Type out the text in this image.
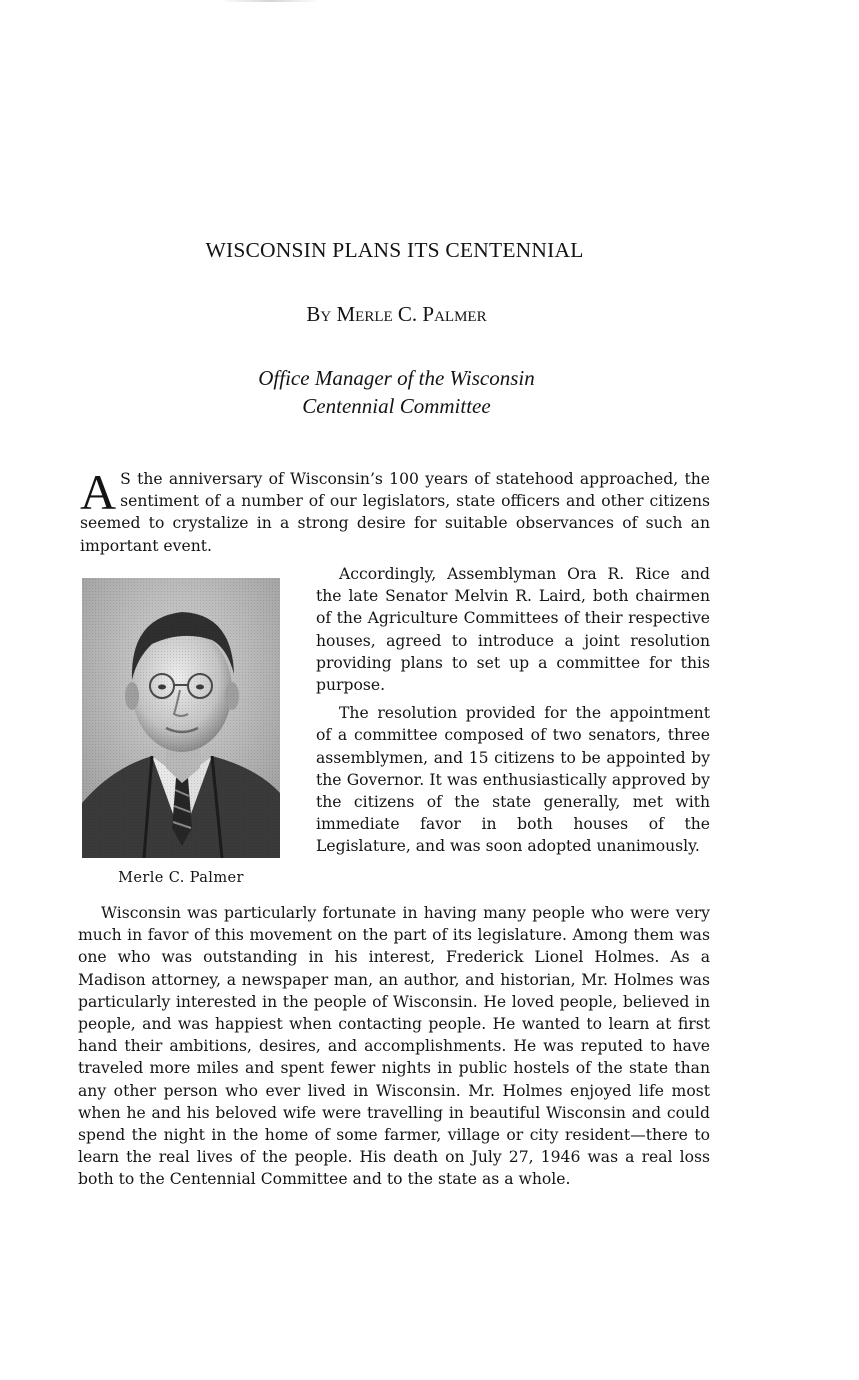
WISCONSIN PLANS ITS CENTENNIAL

By Merle C. Palmer

Office Manager of the Wisconsin
Centennial Committee

A S the anniversary of Wisconsin’s 100 years of statehood approached, the sentiment of a number of our legislators, state officers and other citizens seemed to crystalize in a strong desire for suitable observances of such an important event.

Merle C. Palmer

Accordingly, Assemblyman Ora R. Rice and the late Senator Melvin R. Laird, both chairmen of the Agriculture Committees of their respective houses, agreed to introduce a joint resolution providing plans to set up a committee for this purpose.

The resolution provided for the appointment of a committee composed of two senators, three assemblymen, and 15 citizens to be appointed by the Governor. It was enthusiastically approved by the citizens of the state generally, met with immediate favor in both houses of the Legislature, and was soon adopted unanimously.

Wisconsin was particularly fortunate in having many people who were very much in favor of this movement on the part of its legislature. Among them was one who was outstanding in his interest, Frederick Lionel Holmes. As a Madison attorney, a newspaper man, an author, and historian, Mr. Holmes was particularly interested in the people of Wisconsin. He loved people, believed in people, and was happiest when contacting people. He wanted to learn at first hand their ambitions, desires, and accomplishments. He was reputed to have traveled more miles and spent fewer nights in public hostels of the state than any other person who ever lived in Wisconsin. Mr. Holmes enjoyed life most when he and his beloved wife were travelling in beautiful Wisconsin and could spend the night in the home of some farmer, village or city resident—there to learn the real lives of the people. His death on July 27, 1946 was a real loss both to the Centennial Committee and to the state as a whole.
